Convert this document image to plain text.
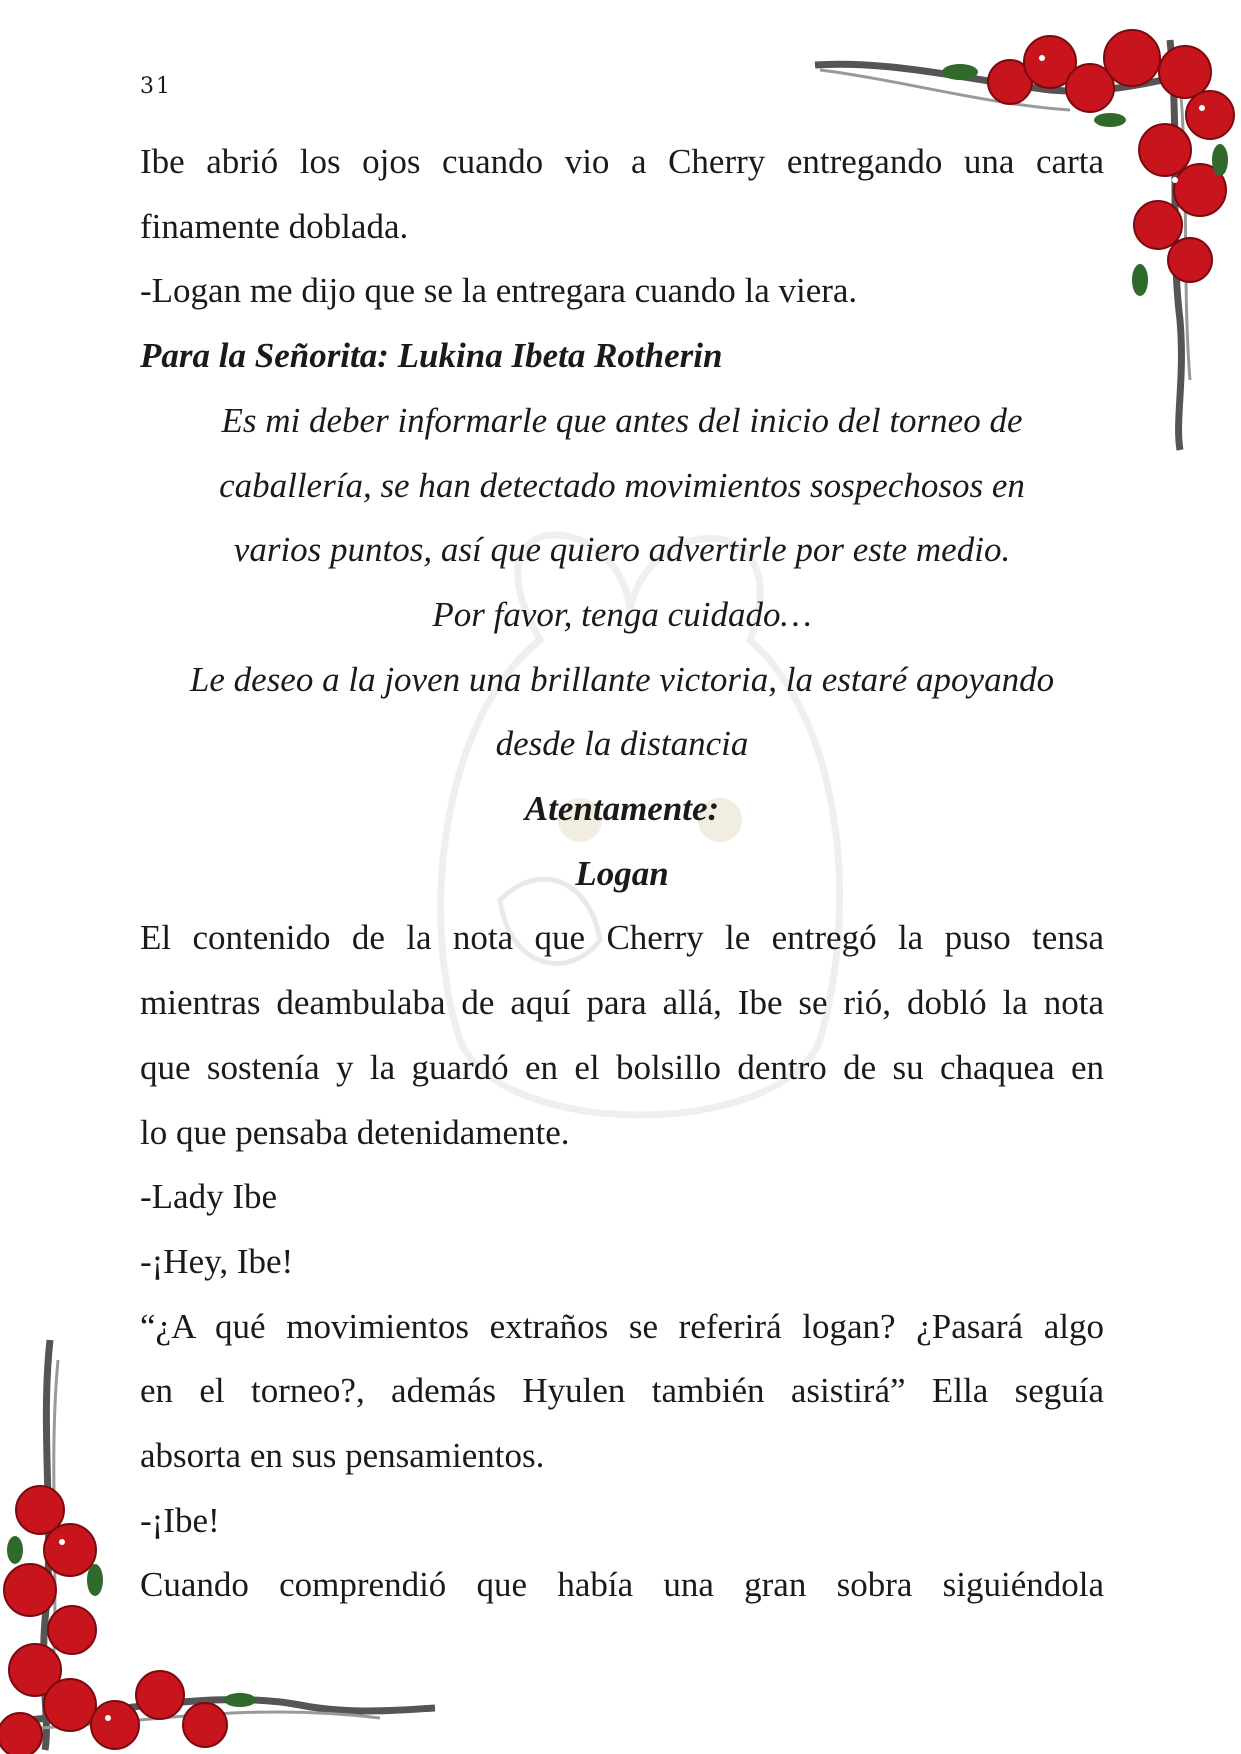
31
Ibe abrió los ojos cuando vio a Cherry entregando una carta
finamente doblada.
-Logan me dijo que se la entregara cuando la viera.
Para la Señorita: Lukina Ibeta Rotherin
Es mi deber informarle que antes del inicio del torneo de
caballería, se han detectado movimientos sospechosos en
varios puntos, así que quiero advertirle por este medio.
Por favor, tenga cuidado…
Le deseo a la joven una brillante victoria, la estaré apoyando
desde la distancia
Atentamente:
Logan
El contenido de la nota que Cherry le entregó la puso tensa
mientras deambulaba de aquí para allá, Ibe se rió, dobló la nota
que sostenía y la guardó en el bolsillo dentro de su chaquea en
lo que pensaba detenidamente.
-Lady Ibe
-¡Hey, Ibe!
“¿A qué movimientos extraños se referirá logan? ¿Pasará algo
en el torneo?, además Hyulen también asistirá” Ella seguía
absorta en sus pensamientos.
-¡Ibe!
Cuando comprendió que había una gran sobra siguiéndola
